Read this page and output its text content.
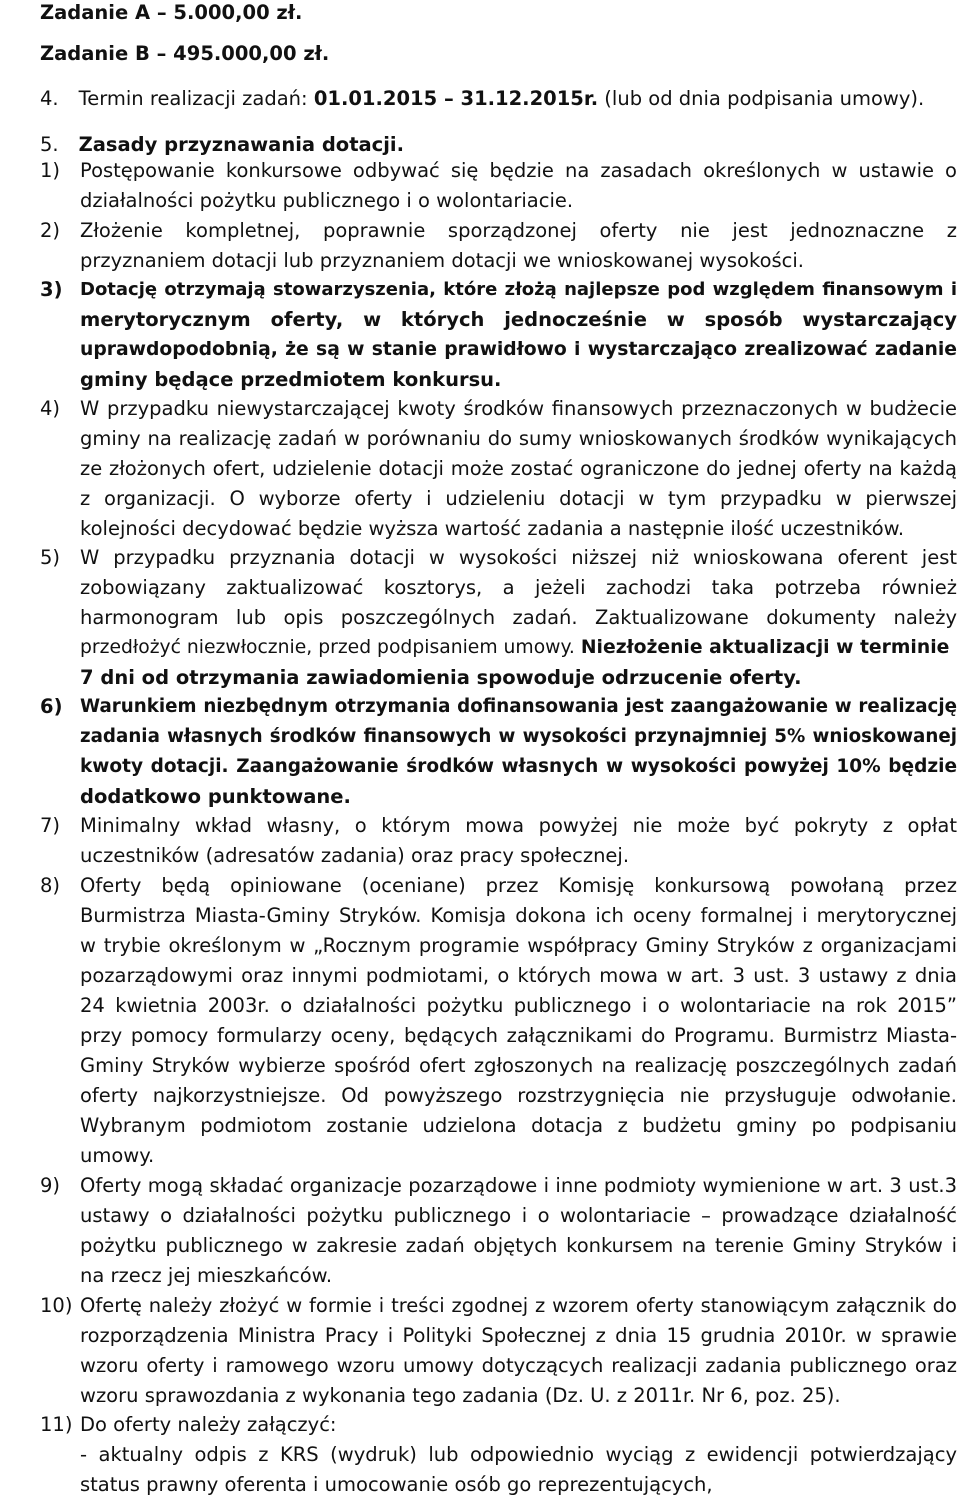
Zadanie A – 5.000,00 zł.
Zadanie B – 495.000,00 zł.
4. Termin realizacji zadań: 01.01.2015 – 31.12.2015r. (lub od dnia podpisania umowy).
5. Zasady przyznawania dotacji.
1) Postępowanie konkursowe odbywać się będzie na zasadach określonych w ustawie o
działalności pożytku publicznego i o wolontariacie.
2) Złożenie kompletnej, poprawnie sporządzonej oferty nie jest jednoznaczne z
przyznaniem dotacji lub przyznaniem dotacji we wnioskowanej wysokości.
3) Dotację otrzymają stowarzyszenia, które złożą najlepsze pod względem finansowym i
merytorycznym oferty, w których jednocześnie w sposób wystarczający
uprawdopodobnią, że są w stanie prawidłowo i wystarczająco zrealizować zadanie
gminy będące przedmiotem konkursu.
4) W przypadku niewystarczającej kwoty środków finansowych przeznaczonych w budżecie
gminy na realizację zadań w porównaniu do sumy wnioskowanych środków wynikających
ze złożonych ofert, udzielenie dotacji może zostać ograniczone do jednej oferty na każdą
z organizacji. O wyborze oferty i udzieleniu dotacji w tym przypadku w pierwszej
kolejności decydować będzie wyższa wartość zadania a następnie ilość uczestników.
5) W przypadku przyznania dotacji w wysokości niższej niż wnioskowana oferent jest
zobowiązany zaktualizować kosztorys, a jeżeli zachodzi taka potrzeba również
harmonogram lub opis poszczególnych zadań. Zaktualizowane dokumenty należy
przedłożyć niezwłocznie, przed podpisaniem umowy. Niezłożenie aktualizacji w terminie
7 dni od otrzymania zawiadomienia spowoduje odrzucenie oferty.
6) Warunkiem niezbędnym otrzymania dofinansowania jest zaangażowanie w realizację
zadania własnych środków finansowych w wysokości przynajmniej 5% wnioskowanej
kwoty dotacji. Zaangażowanie środków własnych w wysokości powyżej 10% będzie
dodatkowo punktowane.
7) Minimalny wkład własny, o którym mowa powyżej nie może być pokryty z opłat
uczestników (adresatów zadania) oraz pracy społecznej.
8) Oferty będą opiniowane (oceniane) przez Komisję konkursową powołaną przez
Burmistrza Miasta-Gminy Stryków. Komisja dokona ich oceny formalnej i merytorycznej
w trybie określonym w „Rocznym programie współpracy Gminy Stryków z organizacjami
pozarządowymi oraz innymi podmiotami, o których mowa w art. 3 ust. 3 ustawy z dnia
24 kwietnia 2003r. o działalności pożytku publicznego i o wolontariacie na rok 2015”
przy pomocy formularzy oceny, będących załącznikami do Programu. Burmistrz Miasta-
Gminy Stryków wybierze spośród ofert zgłoszonych na realizację poszczególnych zadań
oferty najkorzystniejsze. Od powyższego rozstrzygnięcia nie przysługuje odwołanie.
Wybranym podmiotom zostanie udzielona dotacja z budżetu gminy po podpisaniu
umowy.
9) Oferty mogą składać organizacje pozarządowe i inne podmioty wymienione w art. 3 ust.3
ustawy o działalności pożytku publicznego i o wolontariacie – prowadzące działalność
pożytku publicznego w zakresie zadań objętych konkursem na terenie Gminy Stryków i
na rzecz jej mieszkańców.
10) Ofertę należy złożyć w formie i treści zgodnej z wzorem oferty stanowiącym załącznik do
rozporządzenia Ministra Pracy i Polityki Społecznej z dnia 15 grudnia 2010r. w sprawie
wzoru oferty i ramowego wzoru umowy dotyczących realizacji zadania publicznego oraz
wzoru sprawozdania z wykonania tego zadania (Dz. U. z 2011r. Nr 6, poz. 25).
11) Do oferty należy załączyć:
- aktualny odpis z KRS (wydruk) lub odpowiednio wyciąg z ewidencji potwierdzający
status prawny oferenta i umocowanie osób go reprezentujących,
